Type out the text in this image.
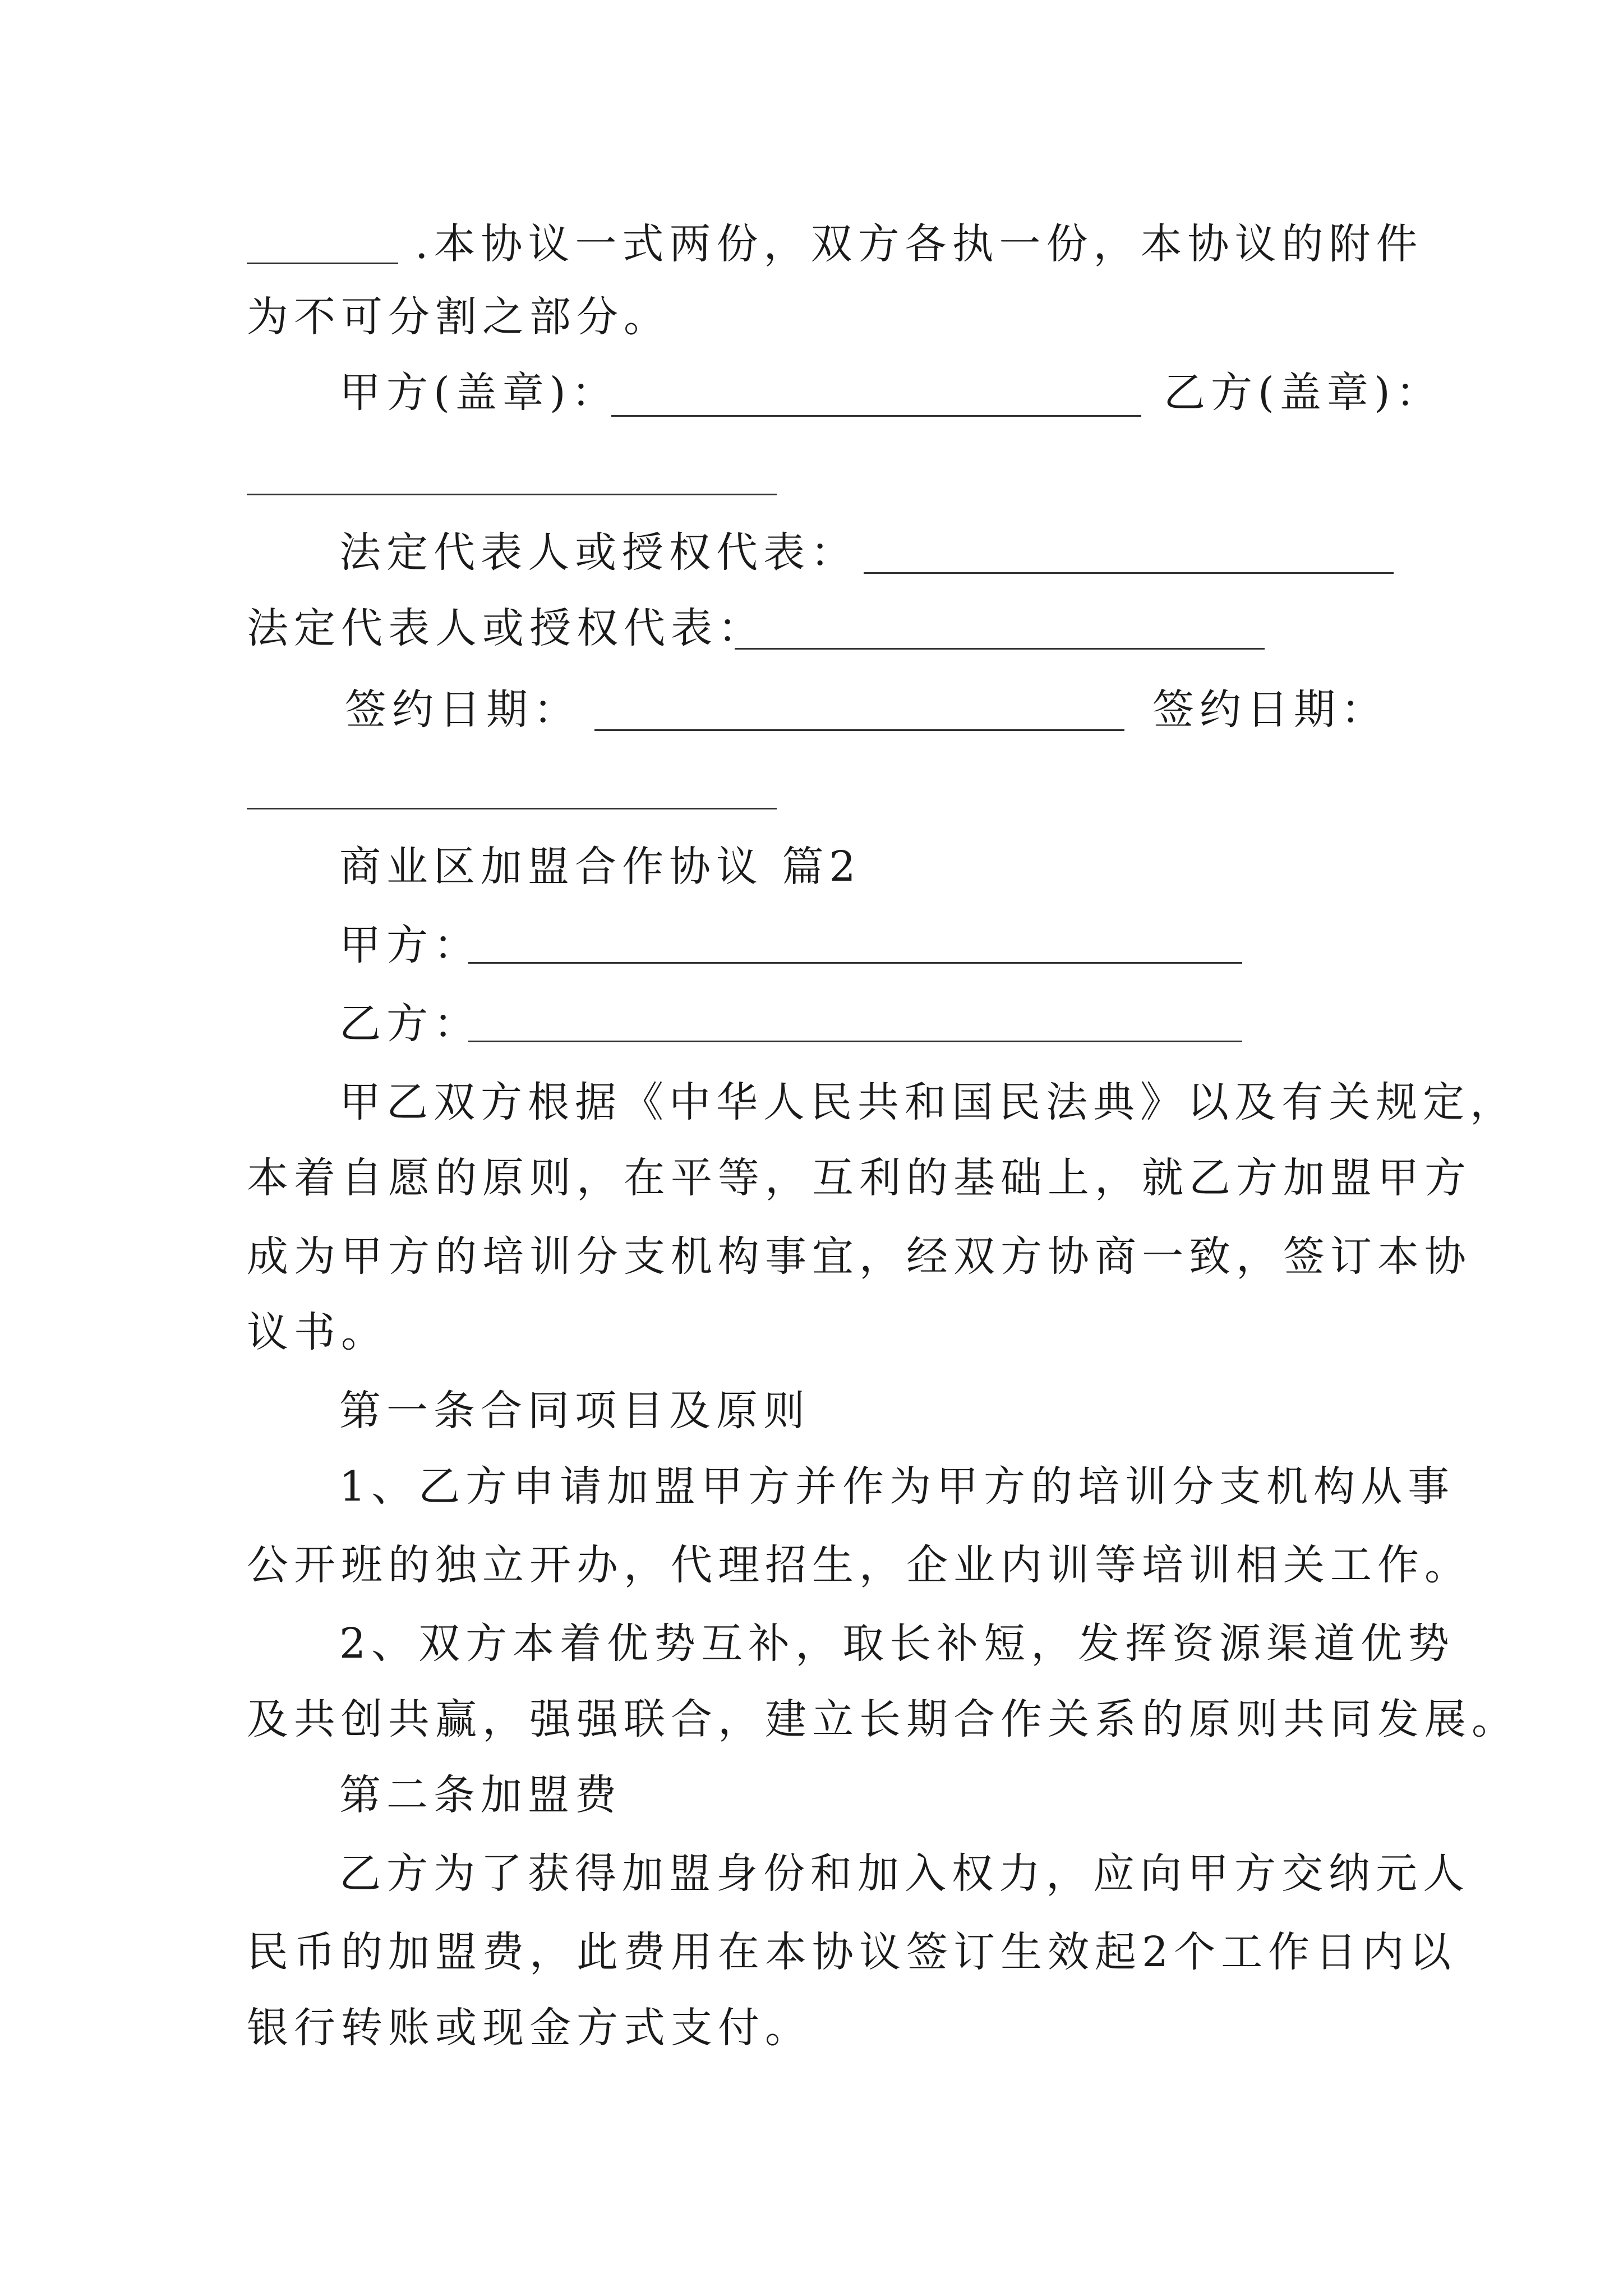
.本协议一式两份，双方各执一份，本协议的附件
为不可分割之部分。
甲方(盖章)：	乙方(盖章)：
法定代表人或授权代表：
法定代表人或授权代表：
签约日期：	签约日期：
商业区加盟合作协议 篇2
甲方：
乙方：
甲乙双方根据《中华人民共和国民法典》以及有关规定，
本着自愿的原则，在平等，互利的基础上，就乙方加盟甲方
成为甲方的培训分支机构事宜，经双方协商一致，签订本协
议书。
第一条合同项目及原则
1、乙方申请加盟甲方并作为甲方的培训分支机构从事
公开班的独立开办，代理招生，企业内训等培训相关工作。
2、双方本着优势互补，取长补短，发挥资源渠道优势
及共创共赢，强强联合，建立长期合作关系的原则共同发展。
第二条加盟费
乙方为了获得加盟身份和加入权力，应向甲方交纳元人
民币的加盟费，此费用在本协议签订生效起2个工作日内以
银行转账或现金方式支付。
